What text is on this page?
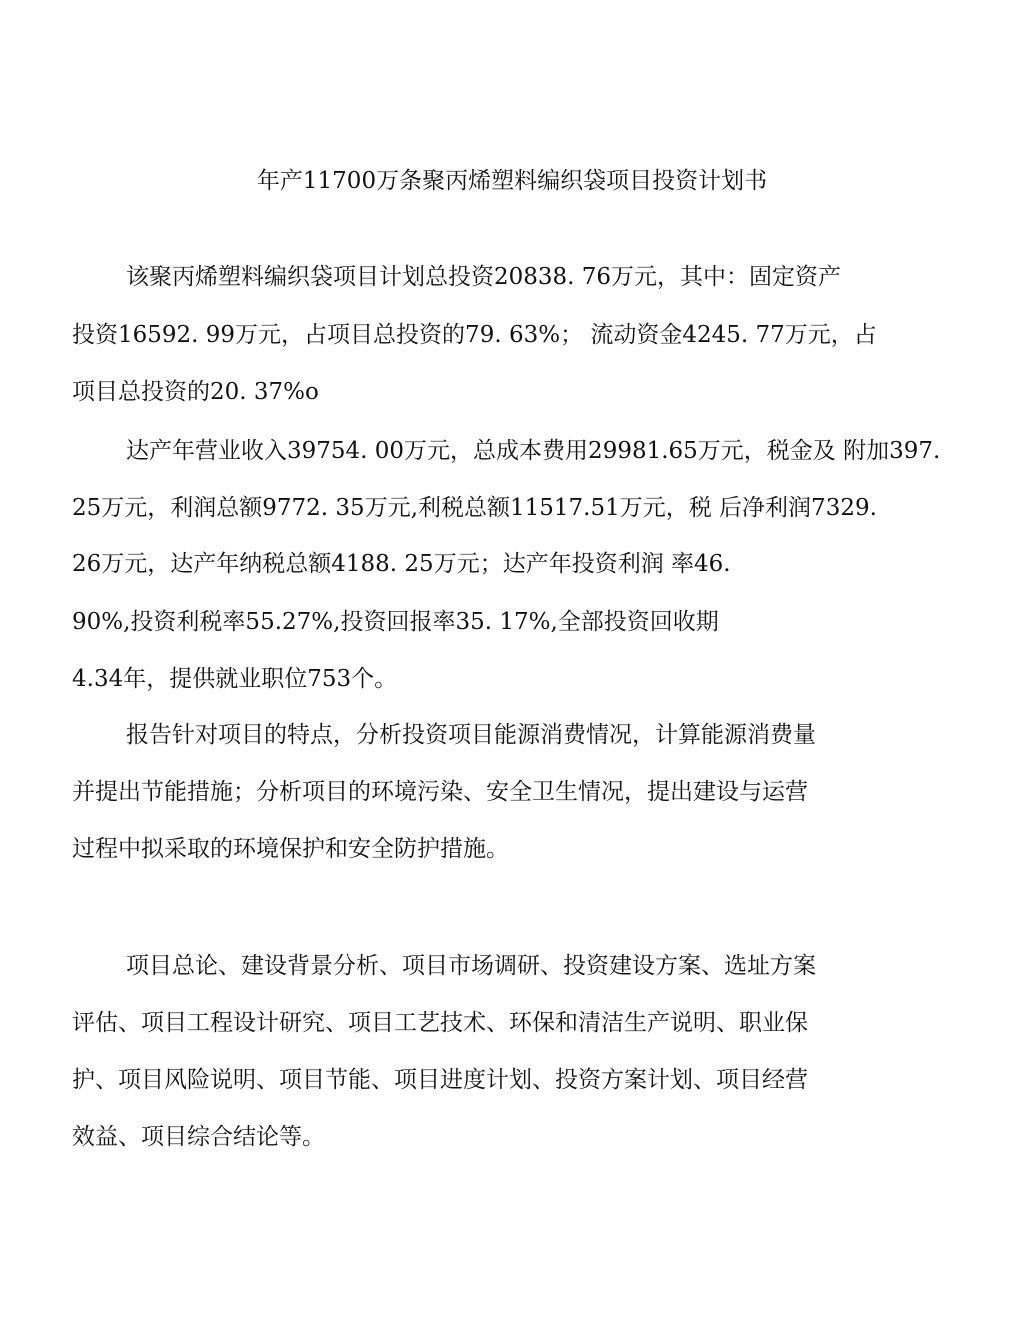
年产11700万条聚丙烯塑料编织袋项目投资计划书
该聚丙烯塑料编织袋项目计划总投资20838. 76万元，其中：固定资产
投资16592. 99万元，占项目总投资的79. 63%； 流动资金4245. 77万元，占
项目总投资的20. 37%o
达产年营业收入39754. 00万元，总成本费用29981.65万元，税金及 附加397.
25万元，利润总额9772. 35万元,利税总额11517.51万元，税 后净利润7329.
26万元，达产年纳税总额4188. 25万元；达产年投资利润 率46.
90%,投资利税率55.27%,投资回报率35. 17%,全部投资回收期
4.34年，提供就业职位753个。
报告针对项目的特点，分析投资项目能源消费情况，计算能源消费量
并提出节能措施；分析项目的环境污染、安全卫生情况，提出建设与运营
过程中拟采取的环境保护和安全防护措施。
项目总论、建设背景分析、项目市场调研、投资建设方案、选址方案
评估、项目工程设计研究、项目工艺技术、环保和清洁生产说明、职业保
护、项目风险说明、项目节能、项目进度计划、投资方案计划、项目经营
效益、项目综合结论等。
